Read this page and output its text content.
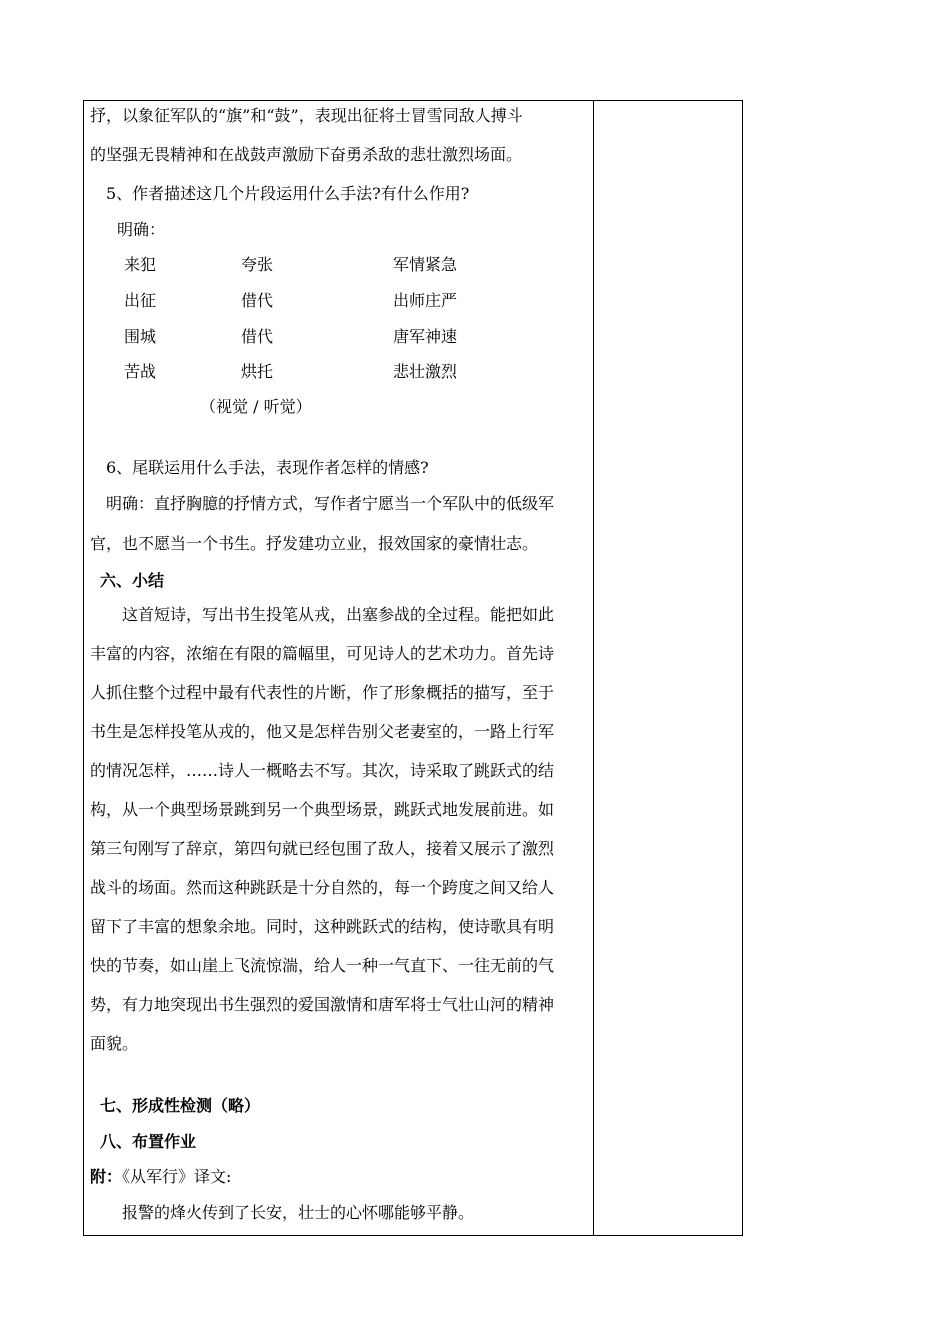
抒，以象征军队的“旗”和“鼓”，表现出征将士冒雪同敌人搏斗
的坚强无畏精神和在战鼓声激励下奋勇杀敌的悲壮激烈场面。
5、作者描述这几个片段运用什么手法?有什么作用?
明确：
来犯	夸张	军情紧急
出征	借代	出师庄严
围城	借代	唐军神速
苦战	烘托	悲壮激烈
（视觉 / 听觉）
6、尾联运用什么手法，表现作者怎样的情感?
明确：直抒胸臆的抒情方式，写作者宁愿当一个军队中的低级军
官，也不愿当一个书生。抒发建功立业，报效国家的豪情壮志。
六、小结
这首短诗，写出书生投笔从戎，出塞参战的全过程。能把如此
丰富的内容，浓缩在有限的篇幅里，可见诗人的艺术功力。首先诗
人抓住整个过程中最有代表性的片断，作了形象概括的描写，至于
书生是怎样投笔从戎的，他又是怎样告别父老妻室的，一路上行军
的情况怎样，……诗人一概略去不写。其次，诗采取了跳跃式的结
构，从一个典型场景跳到另一个典型场景，跳跃式地发展前进。如
第三句刚写了辞京，第四句就已经包围了敌人，接着又展示了激烈
战斗的场面。然而这种跳跃是十分自然的，每一个跨度之间又给人
留下了丰富的想象余地。同时，这种跳跃式的结构，使诗歌具有明
快的节奏，如山崖上飞流惊湍，给人一种一气直下、一往无前的气
势，有力地突现出书生强烈的爱国激情和唐军将士气壮山河的精神
面貌。
七、形成性检测（略）
八、布置作业
附：《从军行》译文:
报警的烽火传到了长安，壮士的心怀哪能够平静。
